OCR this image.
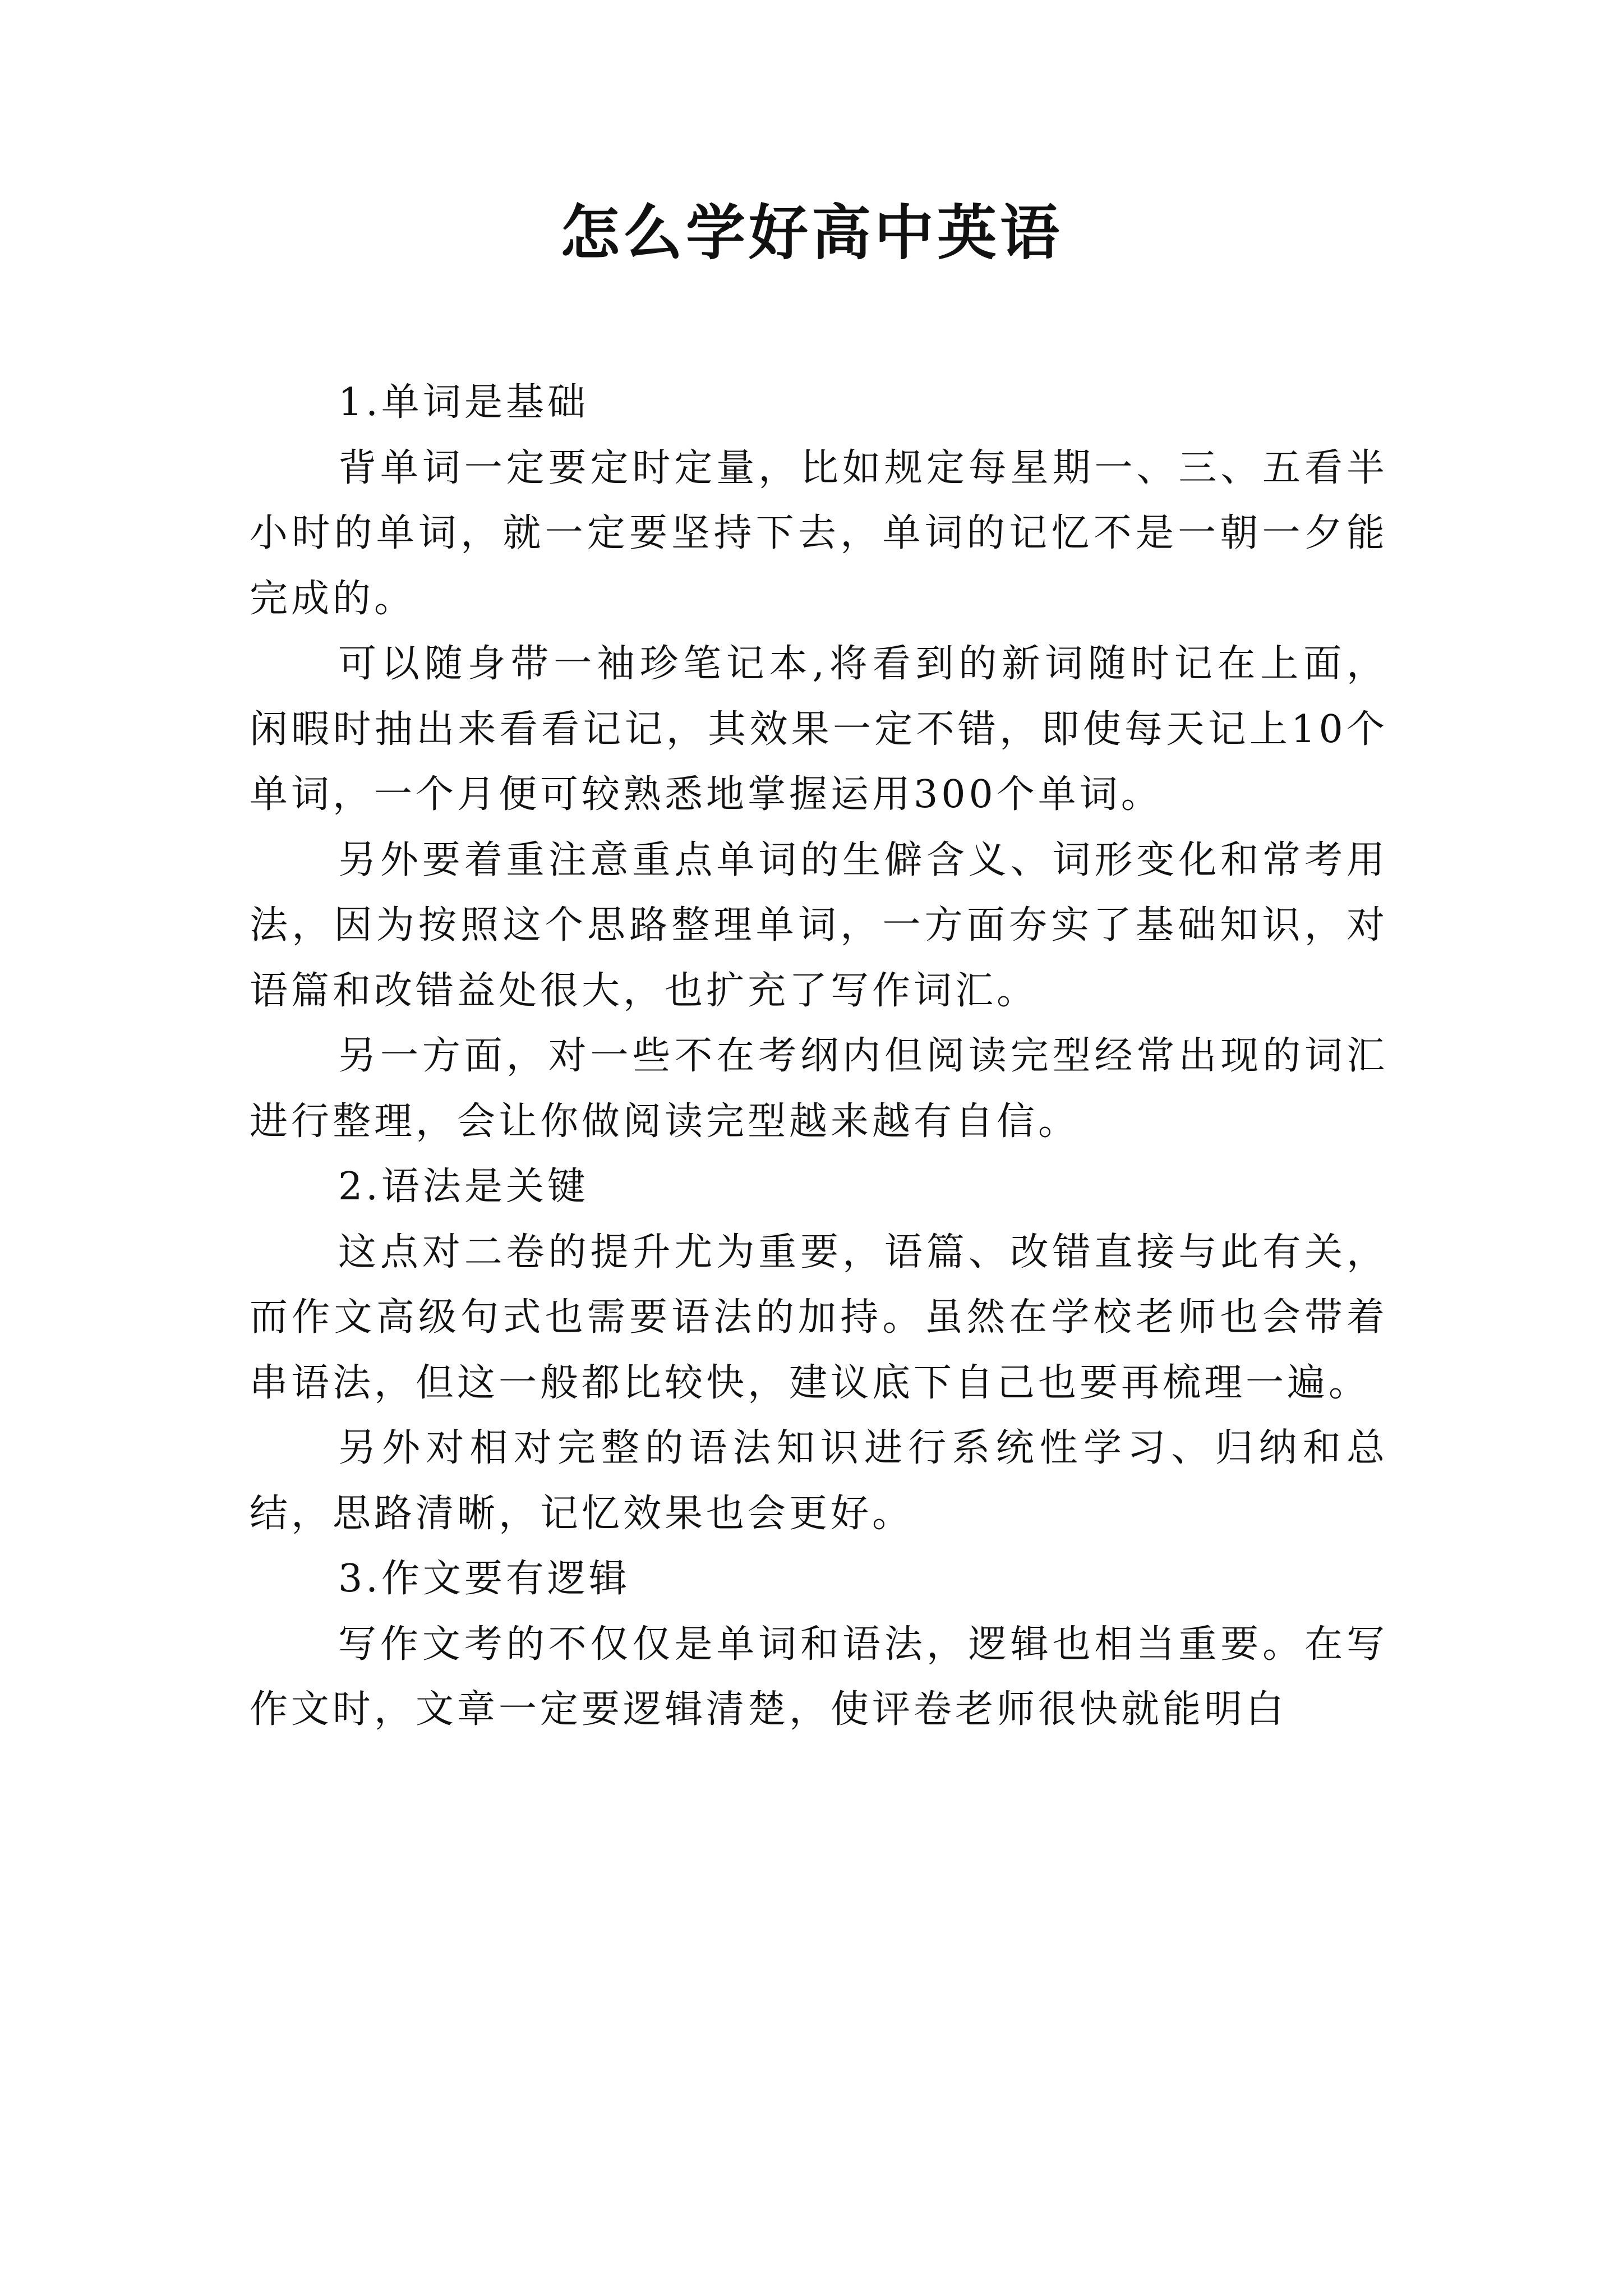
怎么学好高中英语

1.单词是基础

背单词一定要定时定量，比如规定每星期一、三、五看半小时的单词，就一定要坚持下去，单词的记忆不是一朝一夕能完成的。

可以随身带一袖珍笔记本,将看到的新词随时记在上面，闲暇时抽出来看看记记，其效果一定不错，即使每天记上10个单词，一个月便可较熟悉地掌握运用300个单词。

另外要着重注意重点单词的生僻含义、词形变化和常考用法，因为按照这个思路整理单词，一方面夯实了基础知识，对语篇和改错益处很大，也扩充了写作词汇。

另一方面，对一些不在考纲内但阅读完型经常出现的词汇进行整理，会让你做阅读完型越来越有自信。

2.语法是关键

这点对二卷的提升尤为重要，语篇、改错直接与此有关，而作文高级句式也需要语法的加持。虽然在学校老师也会带着串语法，但这一般都比较快，建议底下自己也要再梳理一遍。

另外对相对完整的语法知识进行系统性学习、归纳和总结，思路清晰，记忆效果也会更好。

3.作文要有逻辑

写作文考的不仅仅是单词和语法，逻辑也相当重要。在写作文时，文章一定要逻辑清楚，使评卷老师很快就能明白
